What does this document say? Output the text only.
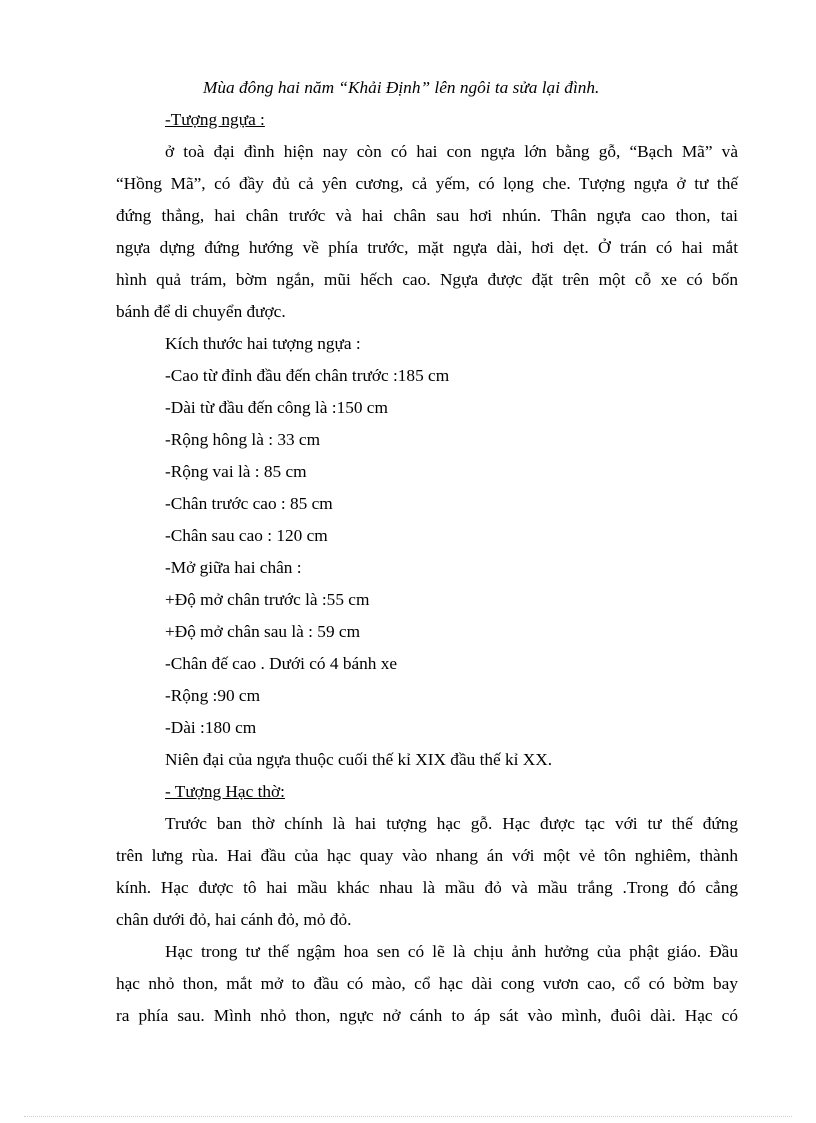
Mùa đông hai năm “Khải Định” lên ngôi ta sửa lại đình.

-Tượng ngựa :

ở toà đại đình hiện nay còn có hai con ngựa lớn bằng gỗ, “Bạch Mã” và

“Hồng Mã”, có đầy đủ cả yên cương, cả yếm, có lọng che. Tượng ngựa ở tư thế

đứng thẳng, hai chân trước và hai chân sau hơi nhún. Thân ngựa cao thon, tai

ngựa dựng đứng hướng về phía trước, mặt ngựa dài, hơi dẹt. Ở trán có hai mắt

hình quả trám, bờm ngắn, mũi hếch cao. Ngựa được đặt trên một cỗ xe có bốn

bánh để di chuyển được.

Kích thước hai tượng ngựa :

-Cao từ đỉnh đầu đến chân trước :185 cm

-Dài từ đầu đến công là :150 cm

-Rộng hông là : 33 cm

-Rộng vai là : 85 cm

-Chân trước cao : 85 cm

-Chân sau cao : 120 cm

-Mở giữa hai chân :

+Độ mở chân trước là :55 cm

+Độ mở chân sau là : 59 cm

-Chân đế cao . Dưới có 4 bánh xe

-Rộng :90 cm

-Dài :180 cm

Niên đại của ngựa thuộc cuối thế kỉ XIX đầu thế kỉ XX.

- Tượng Hạc thờ:

Trước ban thờ chính là hai tượng hạc gỗ. Hạc được tạc với tư thế đứng

trên lưng rùa. Hai đầu của hạc quay vào nhang án với một vẻ tôn nghiêm, thành

kính. Hạc được tô hai mầu khác nhau là mầu đỏ và mầu trắng .Trong đó cẳng

chân dưới đỏ, hai cánh đỏ, mỏ đỏ.

Hạc trong tư thế ngậm hoa sen có lẽ là chịu ảnh hưởng của phật giáo. Đầu

hạc nhỏ thon, mắt mở to đầu có mào, cổ hạc dài cong vươn cao, cổ có bờm bay

ra phía sau. Mình nhỏ thon, ngực nở cánh to áp sát vào mình, đuôi dài. Hạc có
